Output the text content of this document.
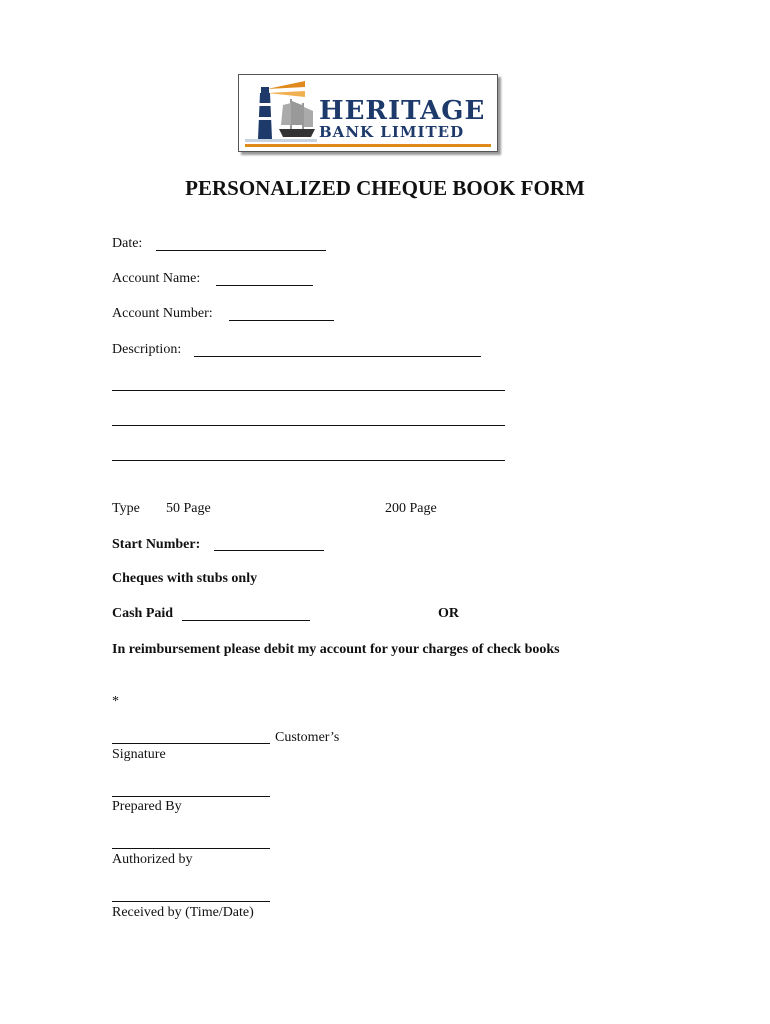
HERITAGE
BANK LIMITED
PERSONALIZED CHEQUE BOOK FORM
Date:
Account Name:
Account Number:
Description:
Type 50 Page	200 Page
Start Number:
Cheques with stubs only
Cash Paid	OR
In reimbursement please debit my account for your charges of check books
*
Customer’s
Signature
Prepared By
Authorized by
Received by (Time/Date)
